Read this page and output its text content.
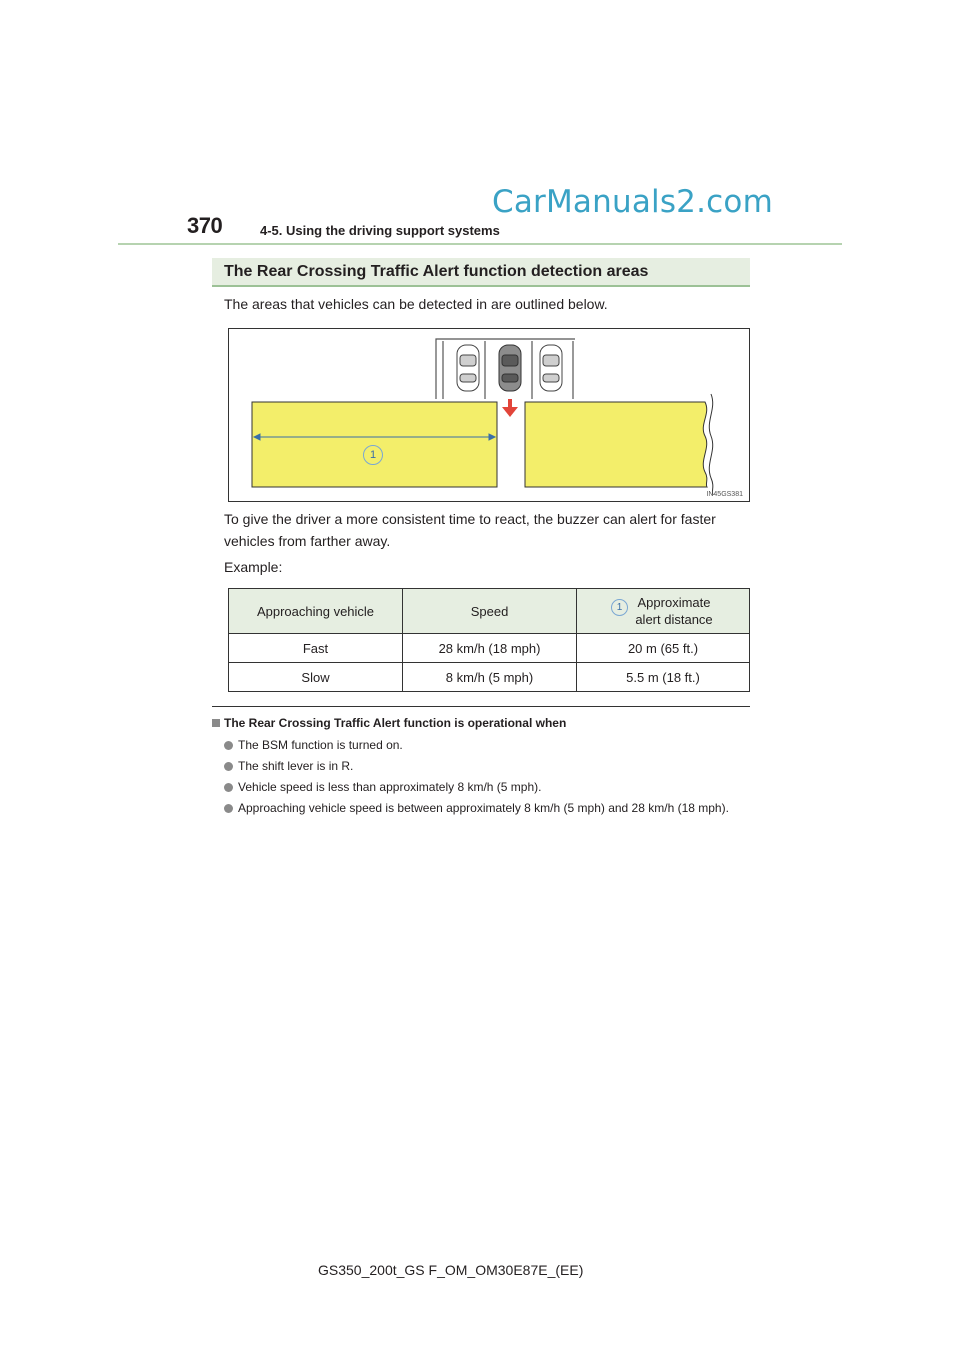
370	4-5. Using the driving support systems
CarManuals2.com
The Rear Crossing Traffic Alert function detection areas
The areas that vehicles can be detected in are outlined below.
1
IN45GS381
To give the driver a more consistent time to react, the buzzer can alert for faster vehicles from farther away.
Example:
Approaching vehicle	Speed	1 Approximate
alert distance

Fast	28 km/h (18 mph)	20 m (65 ft.)
Slow	8 km/h (5 mph)	5.5 m (18 ft.)
The Rear Crossing Traffic Alert function is operational when
The BSM function is turned on.
The shift lever is in R.
Vehicle speed is less than approximately 8 km/h (5 mph).
Approaching vehicle speed is between approximately 8 km/h (5 mph) and 28 km/h (18 mph).
GS350_200t_GS F_OM_OM30E87E_(EE)
